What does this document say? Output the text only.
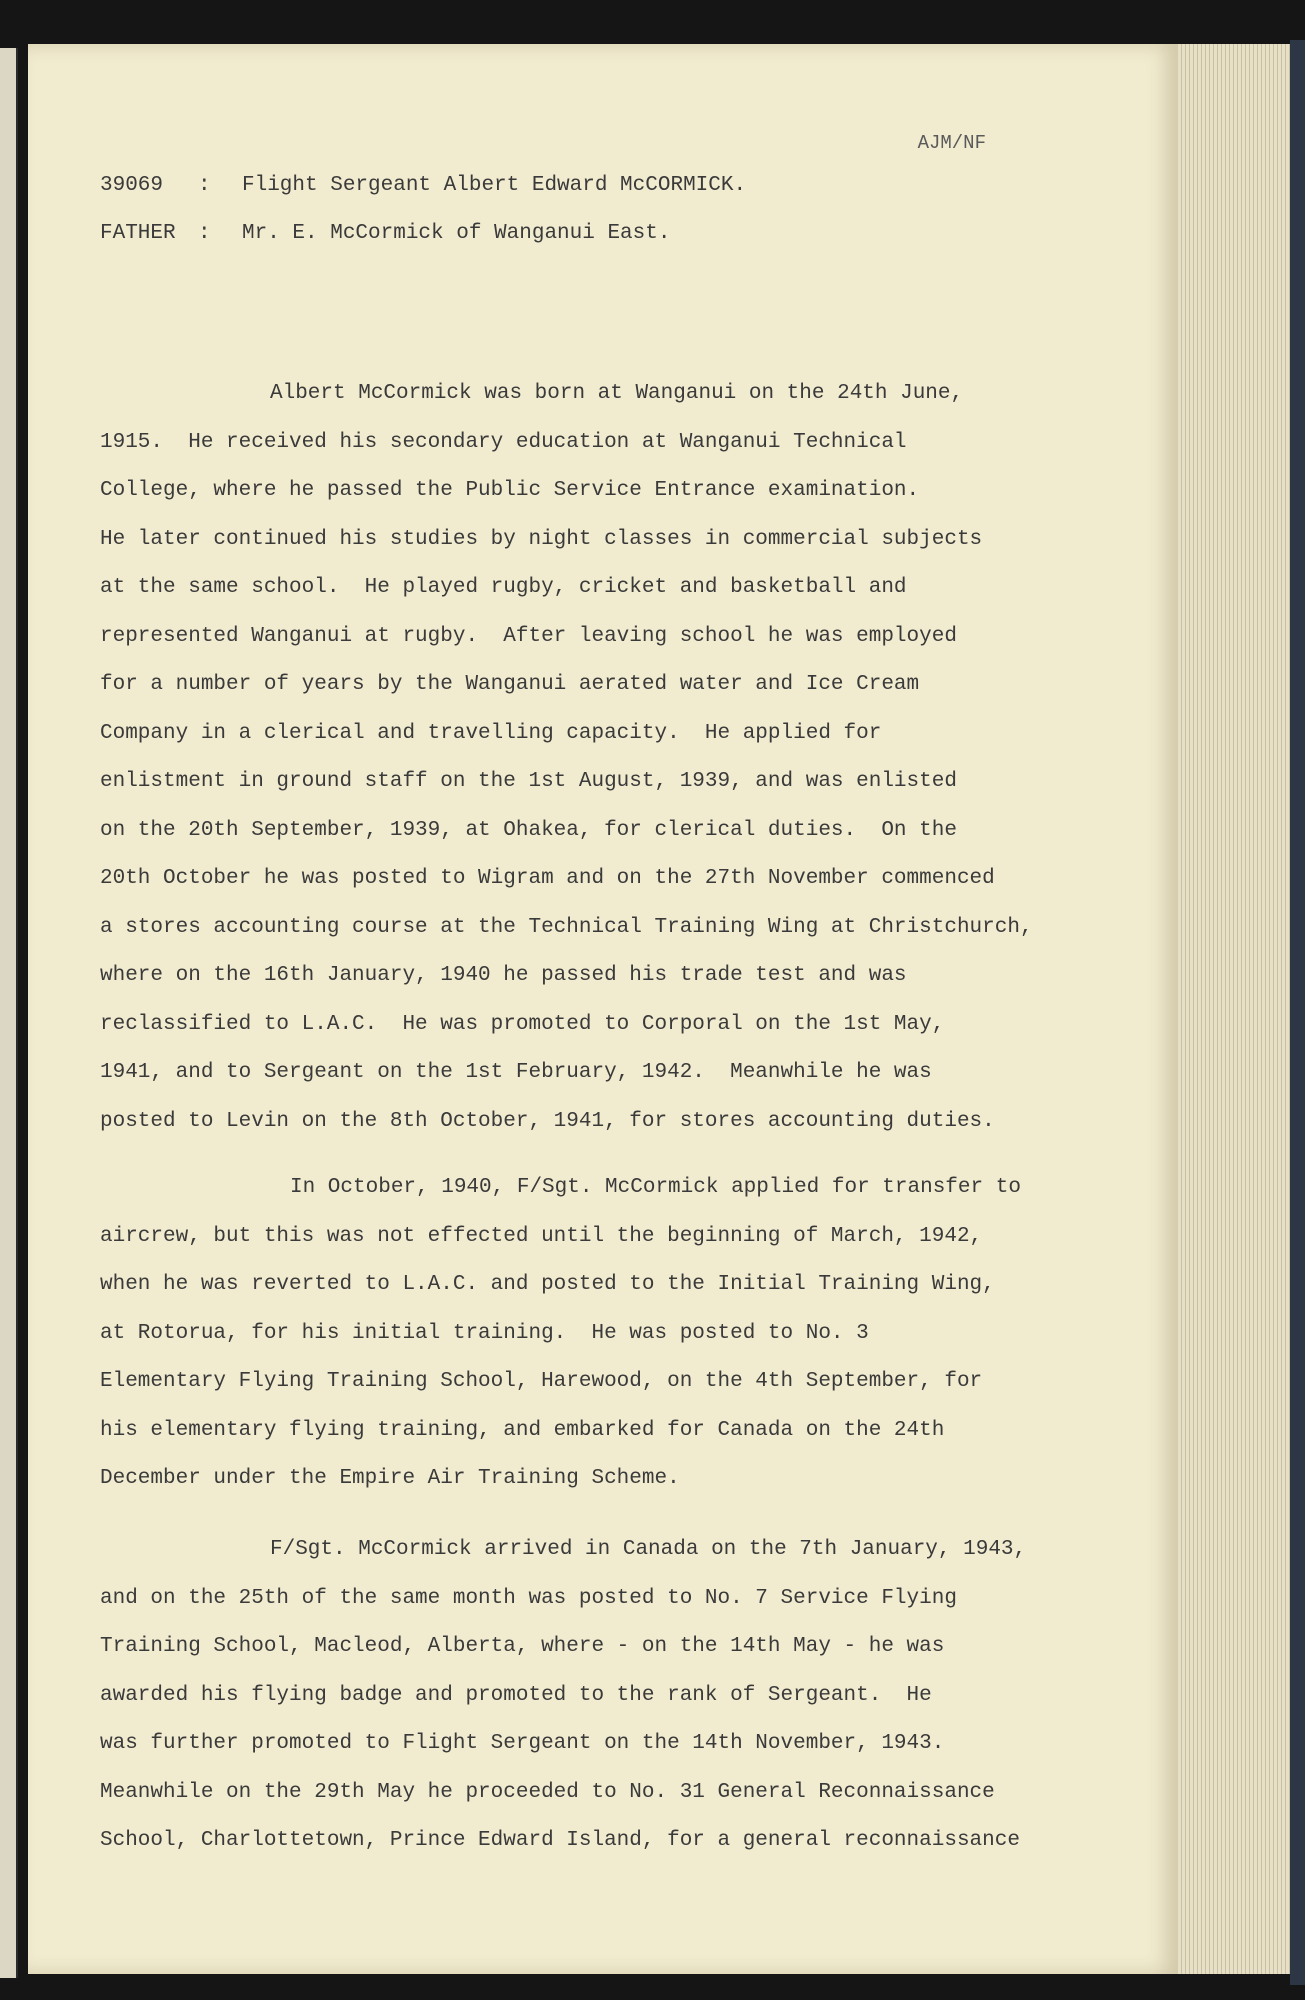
AJM/NF
39069 : Flight Sergeant Albert Edward McCORMICK.
FATHER : Mr. E. McCormick of Wanganui East.
Albert McCormick was born at Wanganui on the 24th June,
1915.  He received his secondary education at Wanganui Technical
College, where he passed the Public Service Entrance examination.
He later continued his studies by night classes in commercial subjects
at the same school.  He played rugby, cricket and basketball and
represented Wanganui at rugby.  After leaving school he was employed
for a number of years by the Wanganui aerated water and Ice Cream
Company in a clerical and travelling capacity.  He applied for
enlistment in ground staff on the 1st August, 1939, and was enlisted
on the 20th September, 1939, at Ohakea, for clerical duties.  On the
20th October he was posted to Wigram and on the 27th November commenced
a stores accounting course at the Technical Training Wing at Christchurch,
where on the 16th January, 1940 he passed his trade test and was
reclassified to L.A.C.  He was promoted to Corporal on the 1st May,
1941, and to Sergeant on the 1st February, 1942.  Meanwhile he was
posted to Levin on the 8th October, 1941, for stores accounting duties.
In October, 1940, F/Sgt. McCormick applied for transfer to
aircrew, but this was not effected until the beginning of March, 1942,
when he was reverted to L.A.C. and posted to the Initial Training Wing,
at Rotorua, for his initial training.  He was posted to No. 3
Elementary Flying Training School, Harewood, on the 4th September, for
his elementary flying training, and embarked for Canada on the 24th
December under the Empire Air Training Scheme.
F/Sgt. McCormick arrived in Canada on the 7th January, 1943,
and on the 25th of the same month was posted to No. 7 Service Flying
Training School, Macleod, Alberta, where - on the 14th May - he was
awarded his flying badge and promoted to the rank of Sergeant.  He
was further promoted to Flight Sergeant on the 14th November, 1943.
Meanwhile on the 29th May he proceeded to No. 31 General Reconnaissance
School, Charlottetown, Prince Edward Island, for a general reconnaissance
